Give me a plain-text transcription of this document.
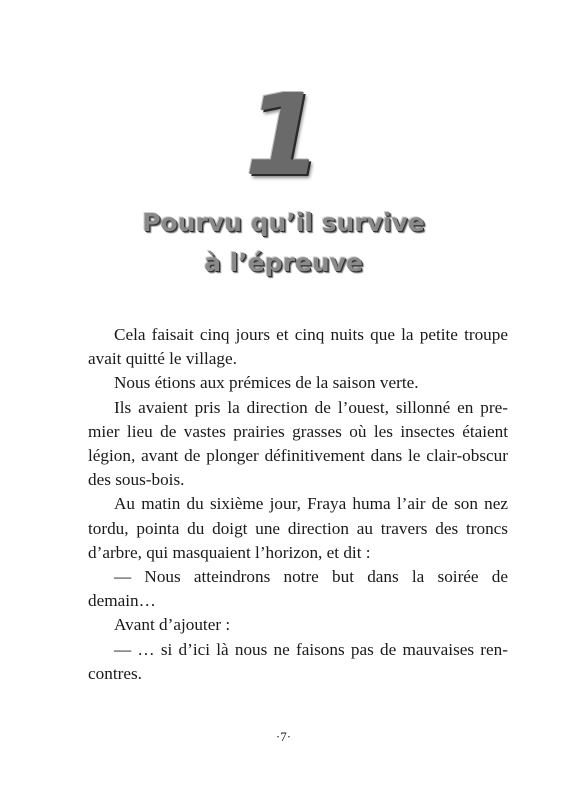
1
Pourvu qu’il survive
à l’épreuve

Cela faisait cinq jours et cinq nuits que la petite troupe avait quitté le village.

Nous étions aux prémices de la saison verte.

Ils avaient pris la direction de l’ouest, sillonné en premier lieu de vastes prairies grasses où les insectes étaient légion, avant de plonger définitivement dans le clair-obscur des sous-bois.

Au matin du sixième jour, Fraya huma l’air de son nez tordu, pointa du doigt une direction au travers des troncs d’arbre, qui masquaient l’horizon, et dit :

— Nous atteindrons notre but dans la soirée de demain…

Avant d’ajouter :

— … si d’ici là nous ne faisons pas de mauvaises rencontres.

·7·
